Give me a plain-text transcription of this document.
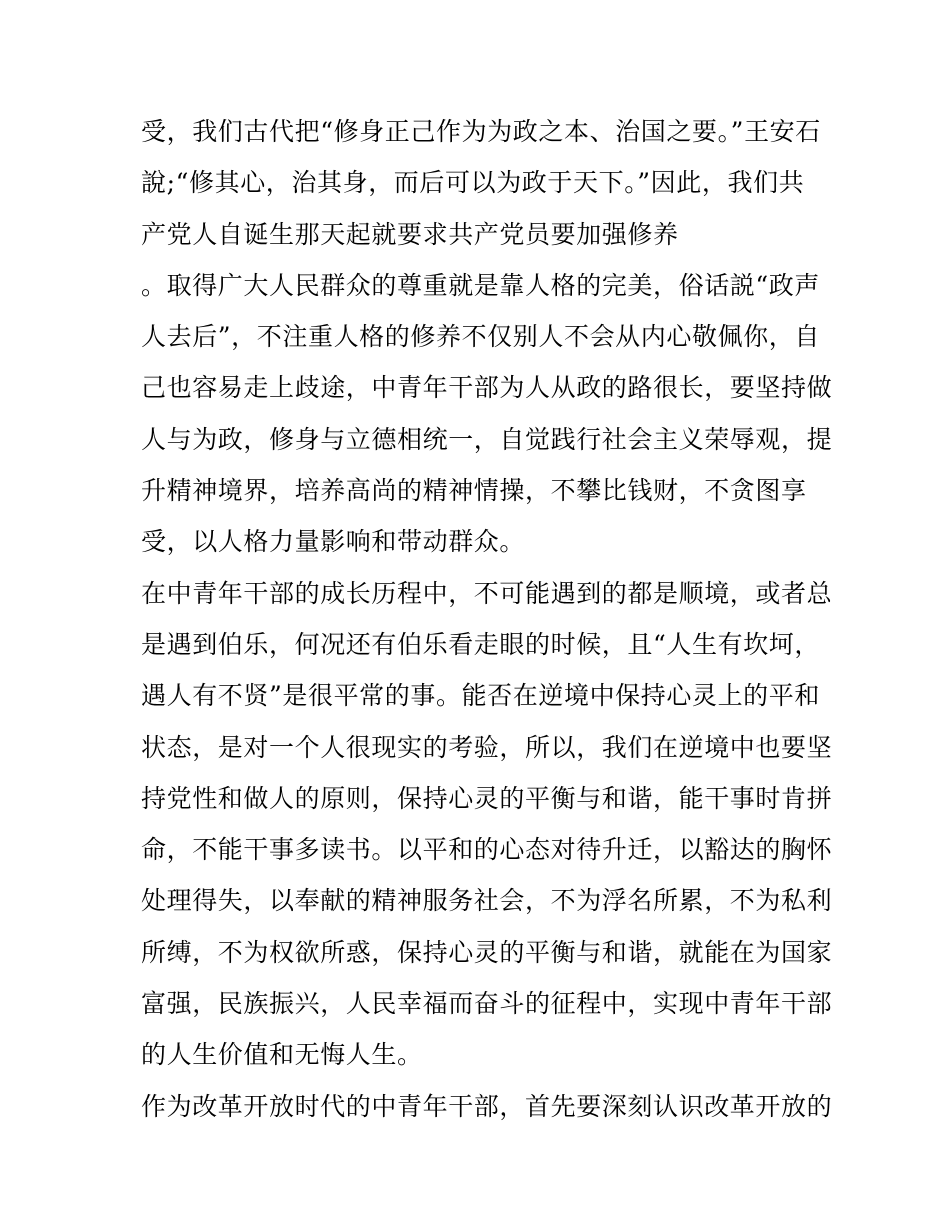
受，我们古代把“修身正己作为为政之本、治国之要。”王安石
說;“修其心，治其身，而后可以为政于天下。”因此，我们共
产党人自诞生那天起就要求共产党员要加强修养
。取得广大人民群众的尊重就是靠人格的完美，俗话説“政声
人去后”，不注重人格的修养不仅别人不会从内心敬佩你，自
己也容易走上歧途，中青年干部为人从政的路很长，要坚持做
人与为政，修身与立德相统一，自觉践行社会主义荣辱观，提
升精神境界，培养高尚的精神情操，不攀比钱财，不贪图享
受，以人格力量影响和带动群众。
在中青年干部的成长历程中，不可能遇到的都是顺境，或者总
是遇到伯乐，何况还有伯乐看走眼的时候，且“人生有坎坷，
遇人有不贤”是很平常的事。能否在逆境中保持心灵上的平和
状态，是对一个人很现实的考验，所以，我们在逆境中也要坚
持党性和做人的原则，保持心灵的平衡与和谐，能干事时肯拼
命，不能干事多读书。以平和的心态对待升迁，以豁达的胸怀
处理得失，以奉献的精神服务社会，不为浮名所累，不为私利
所缚，不为权欲所惑，保持心灵的平衡与和谐，就能在为国家
富强，民族振兴，人民幸福而奋斗的征程中，实现中青年干部
的人生价值和无悔人生。
作为改革开放时代的中青年干部，首先要深刻认识改革开放的
